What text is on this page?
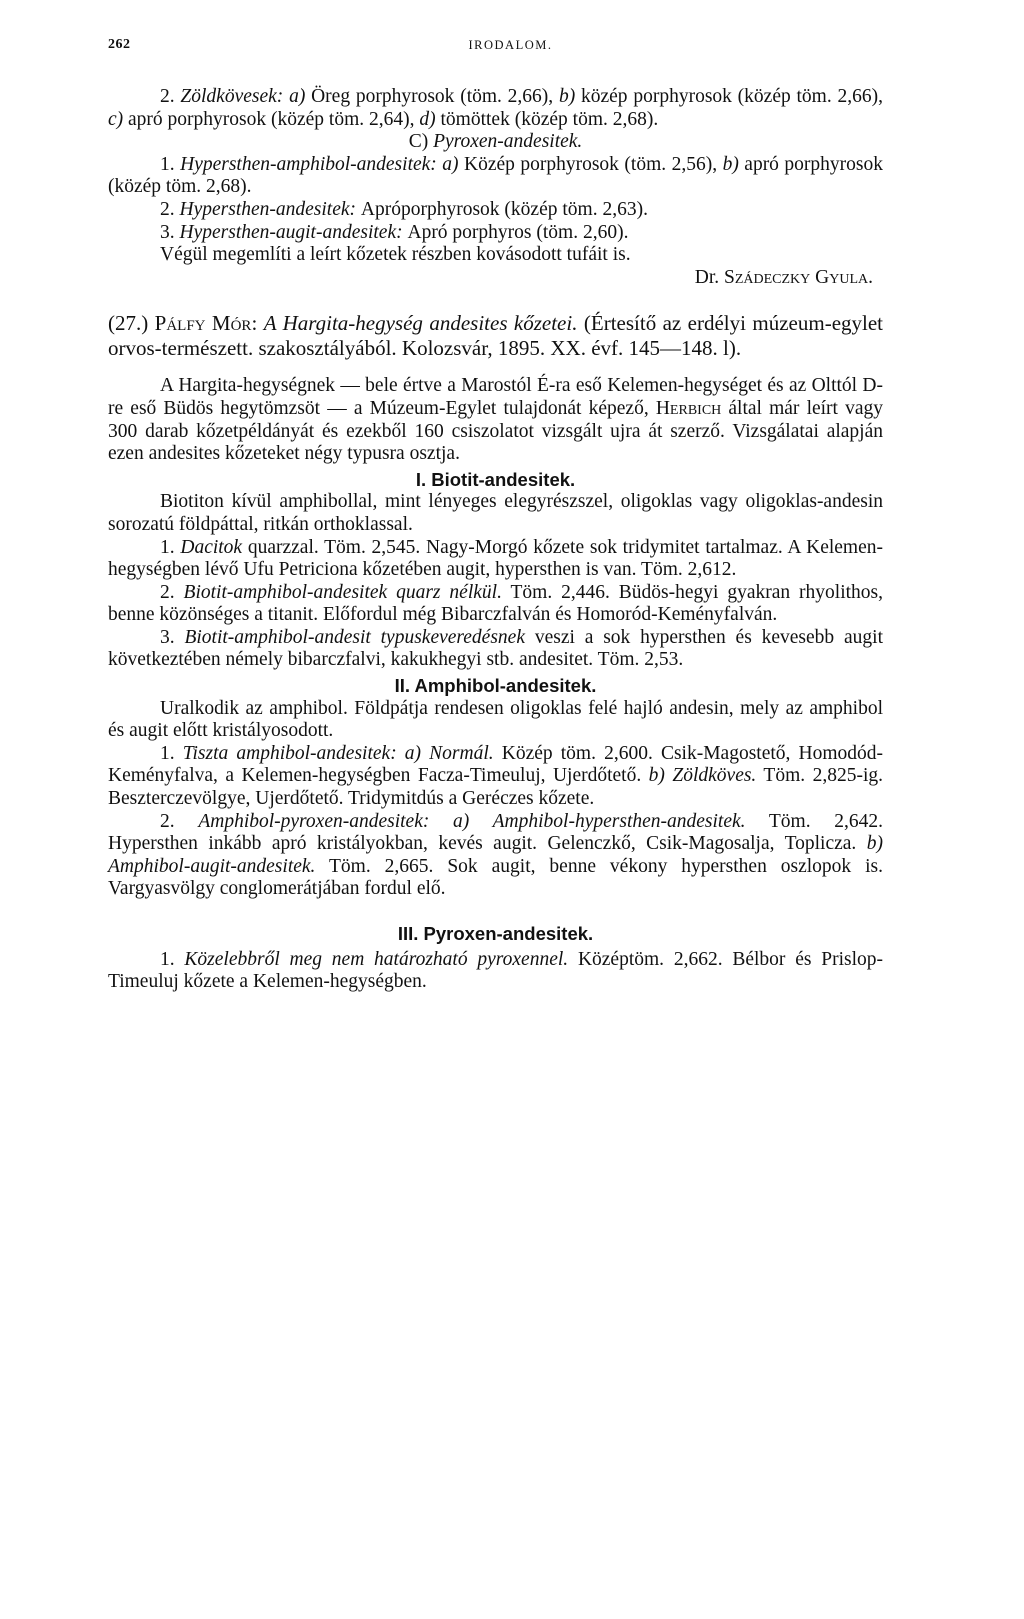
262	IRODALOM.

2. Zöldkövesek: a) Öreg porphyrosok (töm. 2,66), b) közép porphyrosok (közép töm. 2,66), c) apró porphyrosok (közép töm. 2,64), d) tömöttek (közép töm. 2,68).

C) Pyroxen-andesitek.

1. Hypersthen-amphibol-andesitek: a) Közép porphyrosok (töm. 2,56), b) apró porphyrosok (közép töm. 2,68).

2. Hypersthen-andesitek: Apróporphyrosok (közép töm. 2,63).

3. Hypersthen-augit-andesitek: Apró porphyros (töm. 2,60).

Végül megemlíti a leírt kőzetek részben kovásodott tufáit is.

Dr. Szádeczky Gyula.

(27.) Pálfy Mór: A Hargita-hegység andesites kőzetei. (Értesítő az erdélyi múzeum-egylet orvos-természett. szakosztályából. Kolozsvár, 1895. XX. évf. 145—148. l).

A Hargita-hegységnek — bele értve a Marostól É-ra eső Kelemen-hegységet és az Olttól D-re eső Büdös hegytömzsöt — a Múzeum-Egylet tulajdonát képező, Herbich által már leírt vagy 300 darab kőzetpéldányát és ezekből 160 csiszolatot vizsgált ujra át szerző. Vizsgálatai alapján ezen andesites kőzeteket négy typusra osztja.

I. Biotit-andesitek.

Biotiton kívül amphibollal, mint lényeges elegyrészszel, oligoklas vagy oligoklas-andesin sorozatú földpáttal, ritkán orthoklassal.

1. Dacitok quarzzal. Töm. 2,545. Nagy-Morgó kőzete sok tridymitet tartalmaz. A Kelemen-hegységben lévő Ufu Petriciona kőzetében augit, hypersthen is van. Töm. 2,612.

2. Biotit-amphibol-andesitek quarz nélkül. Töm. 2,446. Büdös-hegyi gyakran rhyolithos, benne közönséges a titanit. Előfordul még Bibarczfalván és Homoród-Keményfalván.

3. Biotit-amphibol-andesit typuskeveredésnek veszi a sok hypersthen és kevesebb augit következtében némely bibarczfalvi, kakukhegyi stb. andesitet. Töm. 2,53.

II. Amphibol-andesitek.

Uralkodik az amphibol. Földpátja rendesen oligoklas felé hajló andesin, mely az amphibol és augit előtt kristályosodott.

1. Tiszta amphibol-andesitek: a) Normál. Közép töm. 2,600. Csik-Magostető, Homodód-Keményfalva, a Kelemen-hegységben Facza-Timeuluj, Ujerdőtető. b) Zöldköves. Töm. 2,825-ig. Beszterczevölgye, Ujerdőtető. Tridymitdús a Geréczes kőzete.

2. Amphibol-pyroxen-andesitek: a) Amphibol-hypersthen-andesitek. Töm. 2,642. Hypersthen inkább apró kristályokban, kevés augit. Gelenczkő, Csik-Magosalja, Toplicza. b) Amphibol-augit-andesitek. Töm. 2,665. Sok augit, benne vékony hypersthen oszlopok is. Vargyasvölgy conglomerátjában fordul elő.

III. Pyroxen-andesitek.

1. Közelebbről meg nem határozható pyroxennel. Középtöm. 2,662. Bélbor és Prislop-Timeuluj kőzete a Kelemen-hegységben.
